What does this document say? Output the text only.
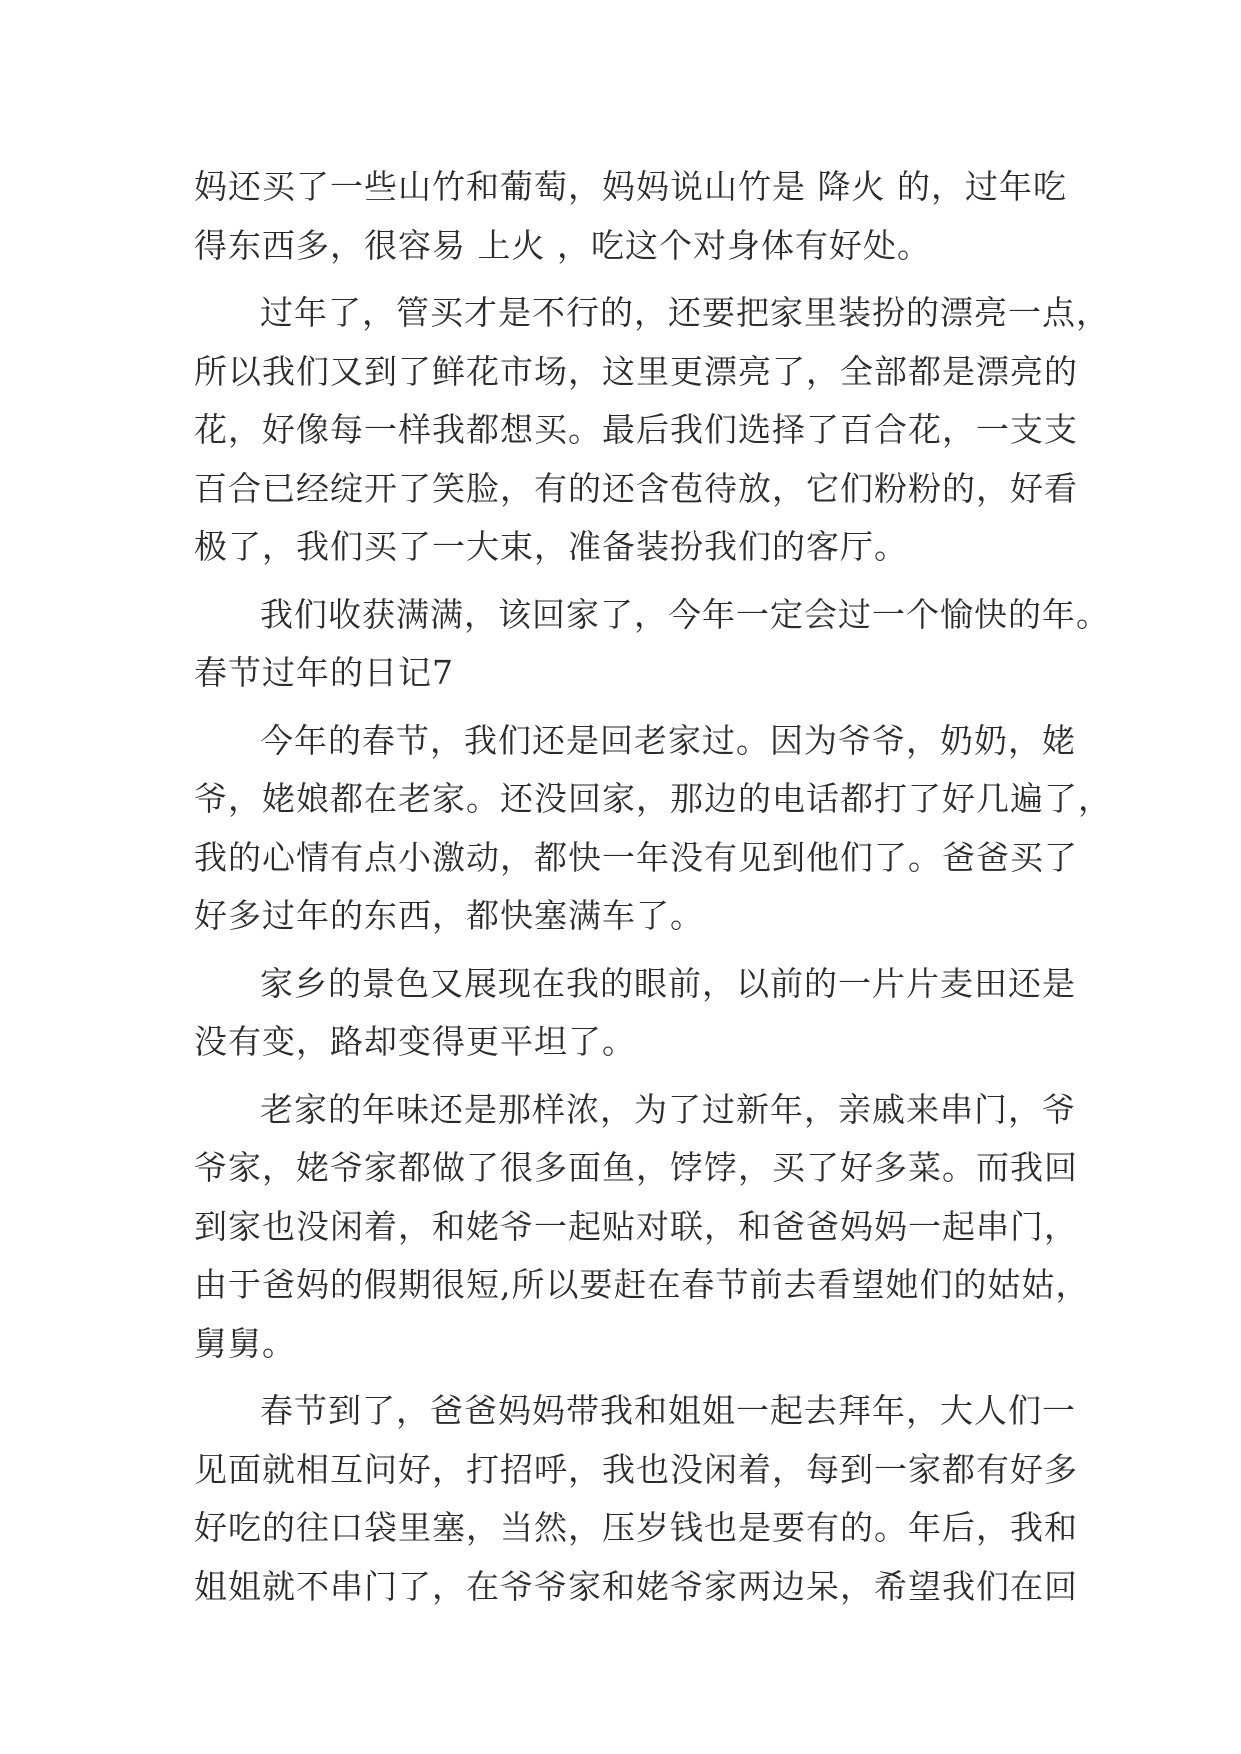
妈还买了一些山竹和葡萄，妈妈说山竹是 降火 的，过年吃
得东西多，很容易 上火 ，吃这个对身体有好处。
过年了，管买才是不行的，还要把家里装扮的漂亮一点，
所以我们又到了鲜花市场，这里更漂亮了，全部都是漂亮的
花，好像每一样我都想买。最后我们选择了百合花，一支支
百合已经绽开了笑脸，有的还含苞待放，它们粉粉的，好看
极了，我们买了一大束，准备装扮我们的客厅。
我们收获满满，该回家了，今年一定会过一个愉快的年。
春节过年的日记7
今年的春节，我们还是回老家过。因为爷爷，奶奶，姥
爷，姥娘都在老家。还没回家，那边的电话都打了好几遍了，
我的心情有点小激动，都快一年没有见到他们了。爸爸买了
好多过年的东西，都快塞满车了。
家乡的景色又展现在我的眼前，以前的一片片麦田还是
没有变，路却变得更平坦了。
老家的年味还是那样浓，为了过新年，亲戚来串门，爷
爷家，姥爷家都做了很多面鱼，饽饽，买了好多菜。而我回
到家也没闲着，和姥爷一起贴对联，和爸爸妈妈一起串门，
由于爸妈的假期很短,所以要赶在春节前去看望她们的姑姑，
舅舅。
春节到了，爸爸妈妈带我和姐姐一起去拜年，大人们一
见面就相互问好，打招呼，我也没闲着，每到一家都有好多
好吃的往口袋里塞，当然，压岁钱也是要有的。年后，我和
姐姐就不串门了，在爷爷家和姥爷家两边呆，希望我们在回
